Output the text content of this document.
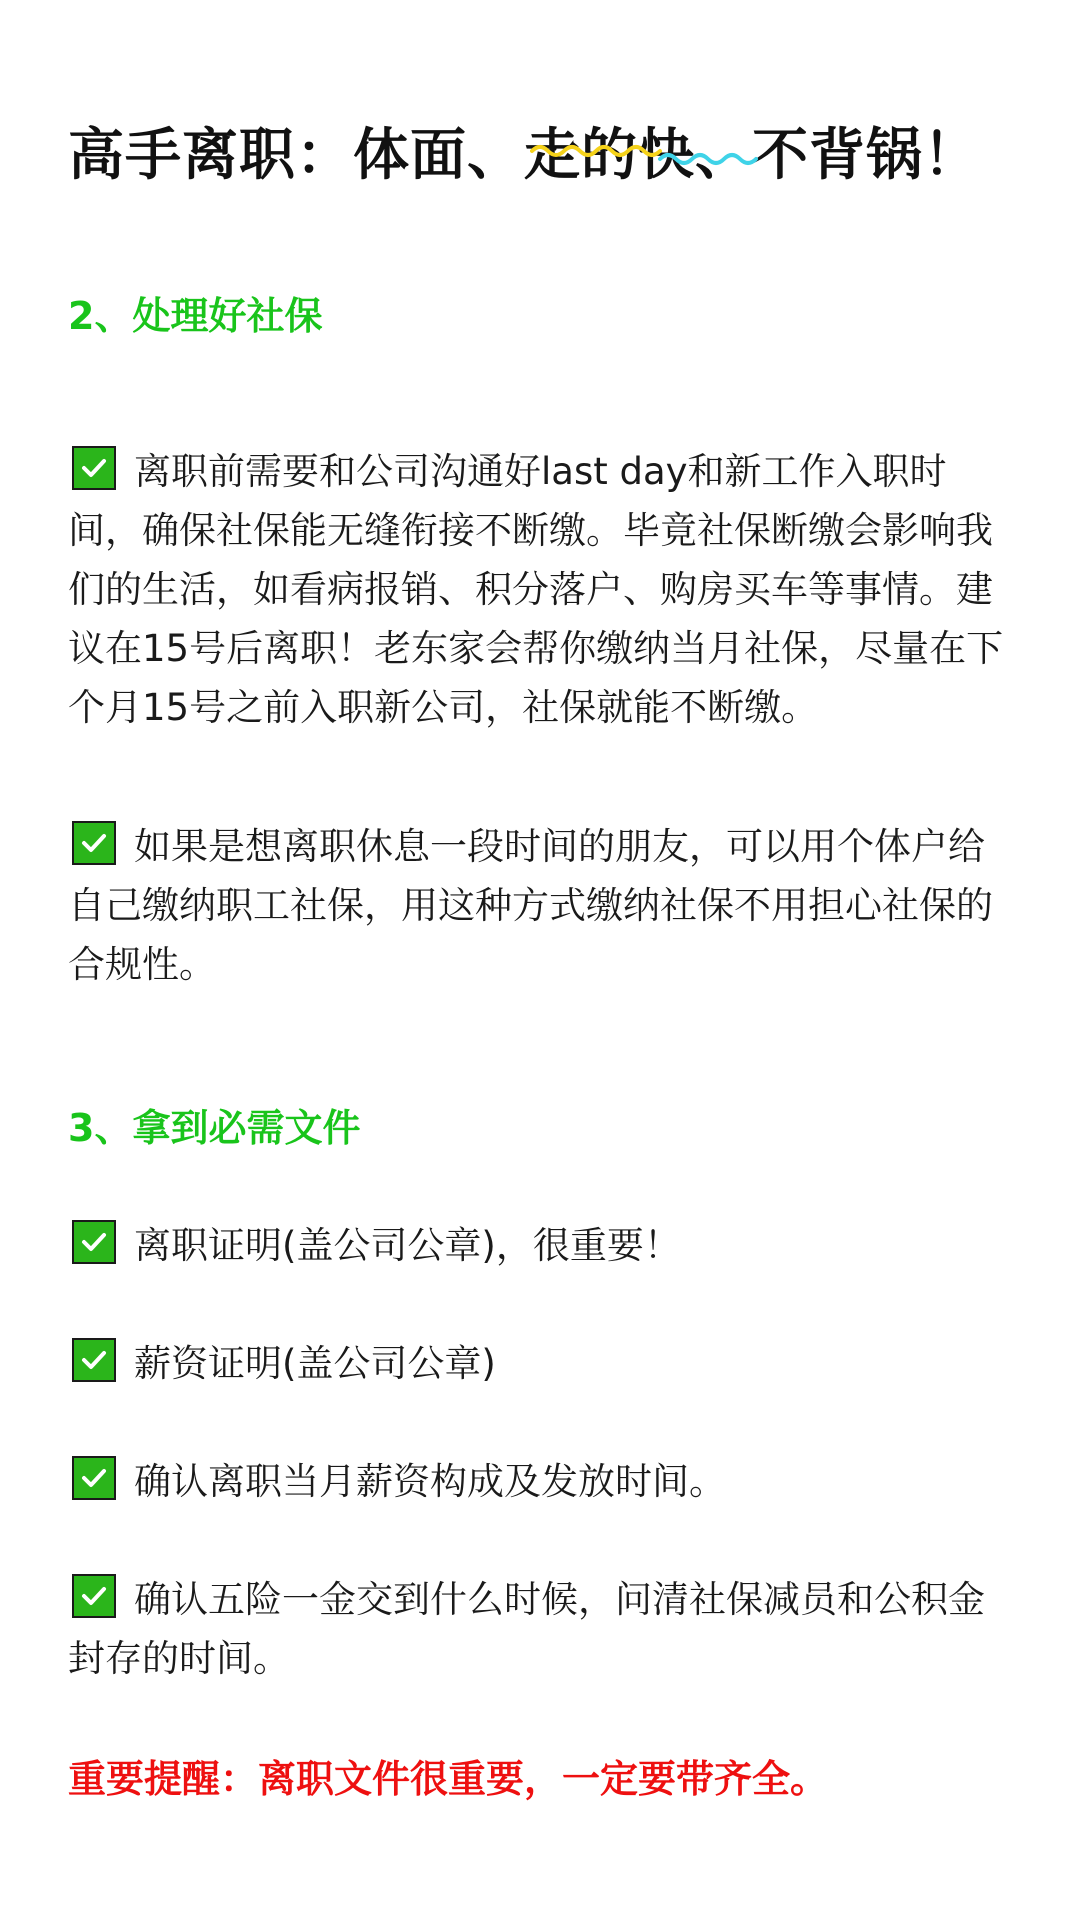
高手离职：体面、走的快、不背锅！
2、处理好社保

离职前需要和公司沟通好last day和新工作入职时间，确保社保能无缝衔接不断缴。毕竟社保断缴会影响我们的生活，如看病报销、积分落户、购房买车等事情。建议在15号后离职！老东家会帮你缴纳当月社保，尽量在下个月15号之前入职新公司，社保就能不断缴。

如果是想离职休息一段时间的朋友，可以用个体户给自己缴纳职工社保，用这种方式缴纳社保不用担心社保的合规性。

3、拿到必需文件

离职证明(盖公司公章)，很重要！

薪资证明(盖公司公章)

确认离职当月薪资构成及发放时间。

确认五险一金交到什么时候，问清社保减员和公积金封存的时间。

重要提醒：离职文件很重要，一定要带齐全。
